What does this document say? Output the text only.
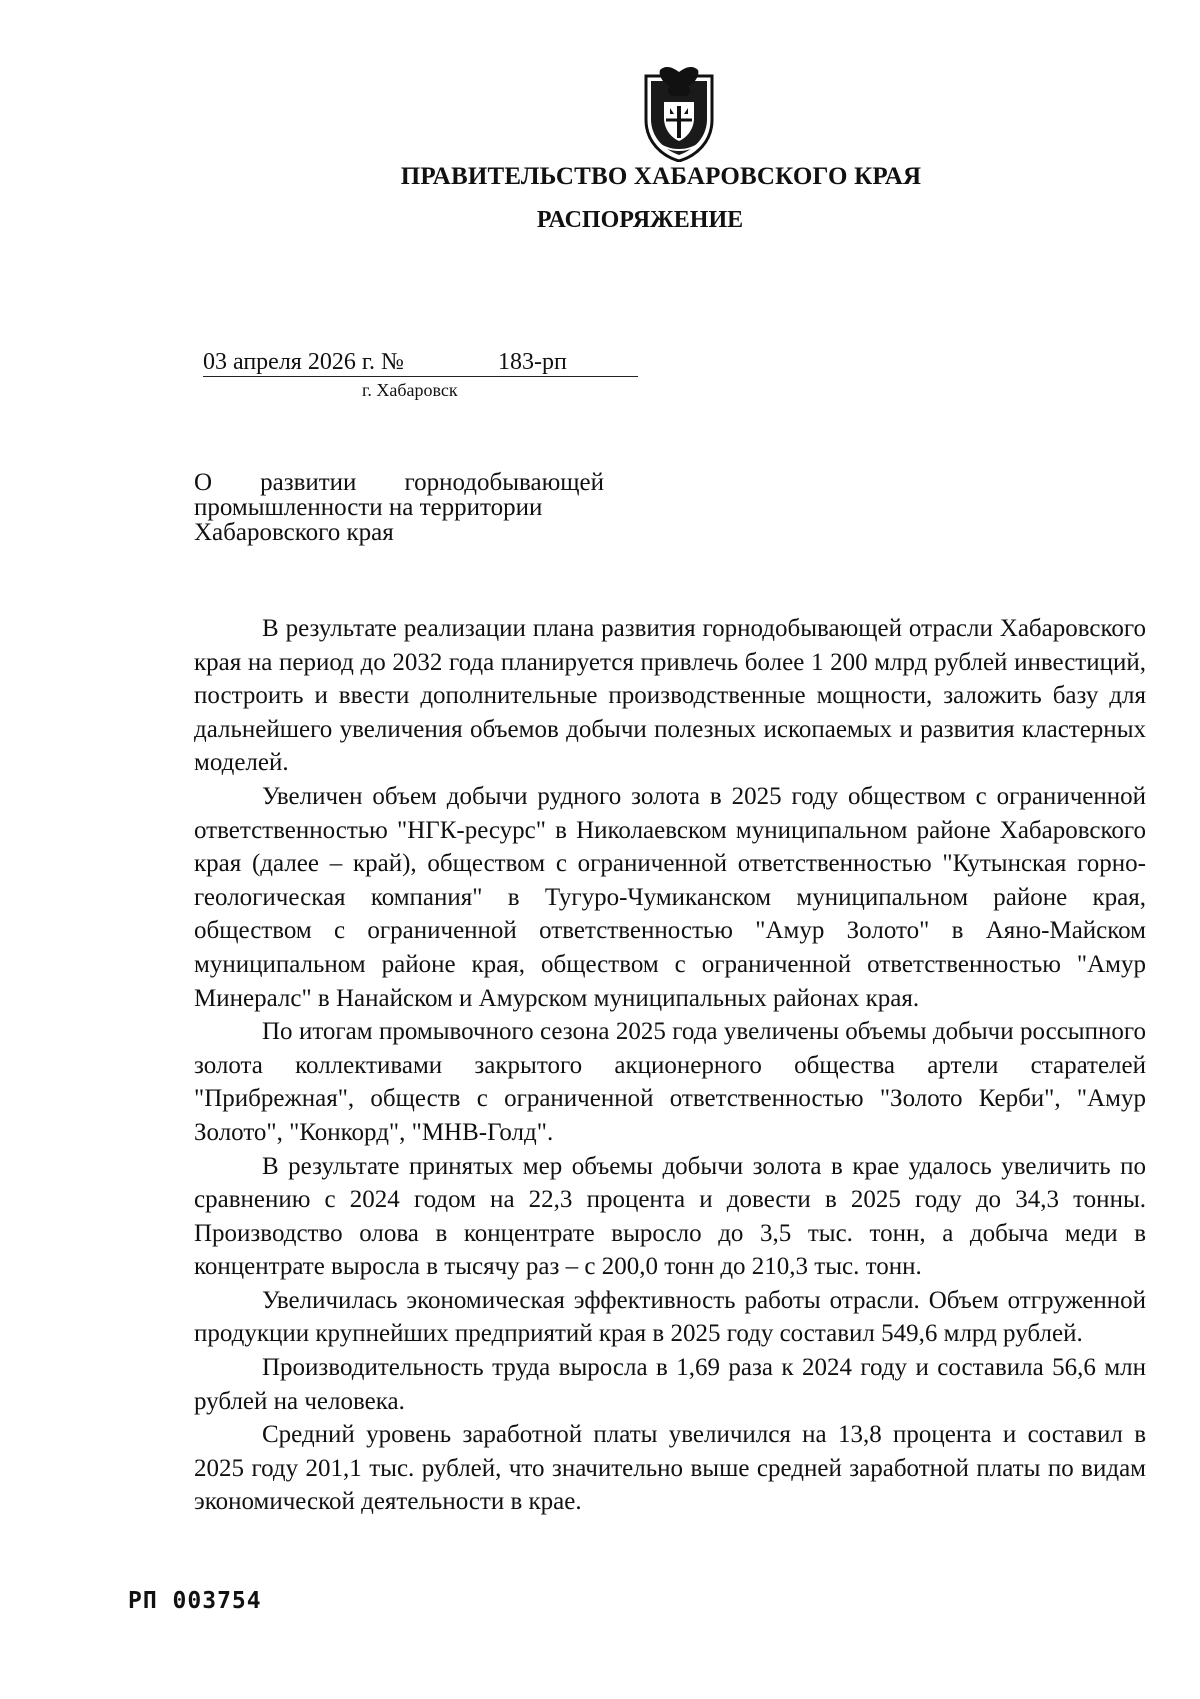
ПРАВИТЕЛЬСТВО ХАБАРОВСКОГО КРАЯ
РАСПОРЯЖЕНИЕ
03 апреля 2026 г. №	183-рп
г. Хабаровск
О развитии горнодобывающей
промышленности на территории
Хабаровского края

В результате реализации плана развития горнодобывающей отрасли Хабаровского края на период до 2032 года планируется привлечь более 1 200 млрд рублей инвестиций, построить и ввести дополнительные производственные мощности, заложить базу для дальнейшего увеличения объемов добычи полезных ископаемых и развития кластерных моделей.

Увеличен объем добычи рудного золота в 2025 году обществом с ограниченной ответственностью "НГК-ресурс" в Николаевском муниципальном районе Хабаровского края (далее – край), обществом с ограниченной ответственностью "Кутынская горно-геологическая компания" в Тугуро-Чумиканском муниципальном районе края, обществом с ограниченной ответственностью "Амур Золото" в Аяно-Майском муниципальном районе края, обществом с ограниченной ответственностью "Амур Минералс" в Нанайском и Амурском муниципальных районах края.

По итогам промывочного сезона 2025 года увеличены объемы добычи россыпного золота коллективами закрытого акционерного общества артели старателей "Прибрежная", обществ с ограниченной ответственностью "Золото Керби", "Амур Золото", "Конкорд", "МНВ-Голд".

В результате принятых мер объемы добычи золота в крае удалось увеличить по сравнению с 2024 годом на 22,3 процента и довести в 2025 году до 34,3 тонны. Производство олова в концентрате выросло до 3,5 тыс. тонн, а добыча меди в концентрате выросла в тысячу раз – с 200,0 тонн до 210,3 тыс. тонн.

Увеличилась экономическая эффективность работы отрасли. Объем отгруженной продукции крупнейших предприятий края в 2025 году составил 549,6 млрд рублей.

Производительность труда выросла в 1,69 раза к 2024 году и составила 56,6 млн рублей на человека.

Средний уровень заработной платы увеличился на 13,8 процента и составил в 2025 году 201,1 тыс. рублей, что значительно выше средней заработной платы по видам экономической деятельности в крае.

РП 003754
